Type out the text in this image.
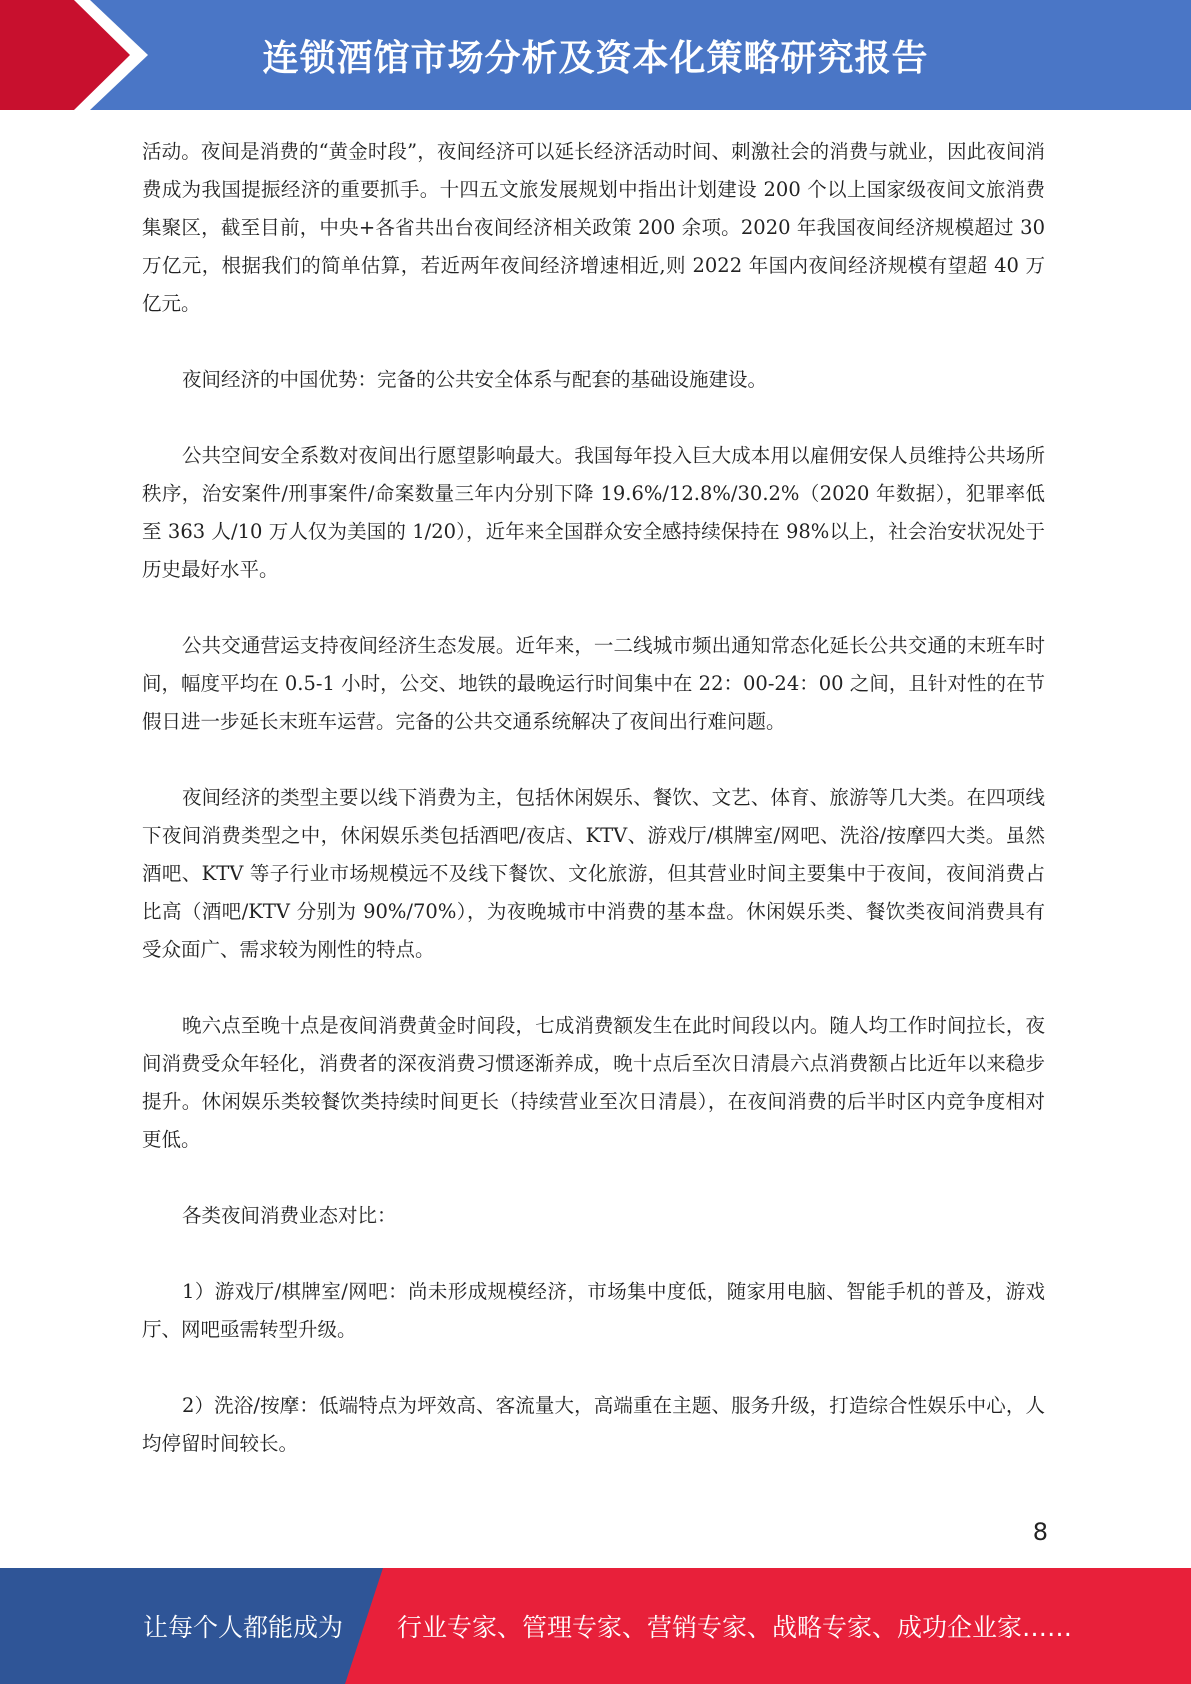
连锁酒馆市场分析及资本化策略研究报告

活动。夜间是消费的“黄金时段”，夜间经济可以延长经济活动时间、刺激社会的消费与就业，因此夜间消费成为我国提振经济的重要抓手。十四五文旅发展规划中指出计划建设 200 个以上国家级夜间文旅消费集聚区，截至目前，中央+各省共出台夜间经济相关政策 200 余项。2020 年我国夜间经济规模超过 30 万亿元，根据我们的简单估算，若近两年夜间经济增速相近,则 2022 年国内夜间经济规模有望超 40 万亿元。

夜间经济的中国优势：完备的公共安全体系与配套的基础设施建设。

公共空间安全系数对夜间出行愿望影响最大。我国每年投入巨大成本用以雇佣安保人员维持公共场所秩序，治安案件/刑事案件/命案数量三年内分别下降 19.6%/12.8%/30.2%（2020 年数据），犯罪率低至 363 人/10 万人仅为美国的 1/20），近年来全国群众安全感持续保持在 98%以上，社会治安状况处于历史最好水平。

公共交通营运支持夜间经济生态发展。近年来，一二线城市频出通知常态化延长公共交通的末班车时间，幅度平均在 0.5-1 小时，公交、地铁的最晚运行时间集中在 22：00-24：00 之间，且针对性的在节假日进一步延长末班车运营。完备的公共交通系统解决了夜间出行难问题。

夜间经济的类型主要以线下消费为主，包括休闲娱乐、餐饮、文艺、体育、旅游等几大类。在四项线下夜间消费类型之中，休闲娱乐类包括酒吧/夜店、KTV、游戏厅/棋牌室/网吧、洗浴/按摩四大类。虽然酒吧、KTV 等子行业市场规模远不及线下餐饮、文化旅游，但其营业时间主要集中于夜间，夜间消费占比高（酒吧/KTV 分别为 90%/70%），为夜晚城市中消费的基本盘。休闲娱乐类、餐饮类夜间消费具有受众面广、需求较为刚性的特点。

晚六点至晚十点是夜间消费黄金时间段，七成消费额发生在此时间段以内。随人均工作时间拉长，夜间消费受众年轻化，消费者的深夜消费习惯逐渐养成，晚十点后至次日清晨六点消费额占比近年以来稳步提升。休闲娱乐类较餐饮类持续时间更长（持续营业至次日清晨），在夜间消费的后半时区内竞争度相对更低。

各类夜间消费业态对比：

1）游戏厅/棋牌室/网吧：尚未形成规模经济，市场集中度低，随家用电脑、智能手机的普及，游戏厅、网吧亟需转型升级。

2）洗浴/按摩：低端特点为坪效高、客流量大，高端重在主题、服务升级，打造综合性娱乐中心，人均停留时间较长。

8
让每个人都能成为 行业专家、管理专家、营销专家、战略专家、成功企业家……
